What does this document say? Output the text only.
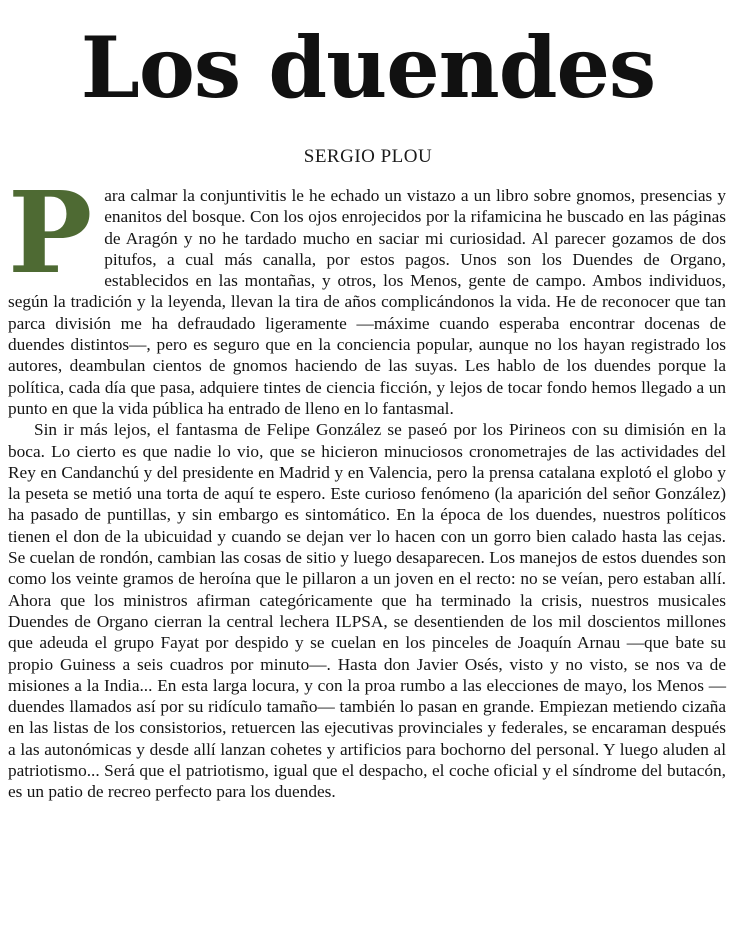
Los duendes
SERGIO PLOU

Para calmar la conjuntivitis le he echado un vistazo a un libro sobre gnomos, presencias y enanitos del bosque. Con los ojos enrojecidos por la rifamicina he buscado en las páginas de Aragón y no he tardado mucho en saciar mi curiosidad. Al parecer gozamos de dos pitufos, a cual más canalla, por estos pagos. Unos son los Duendes de Organo, establecidos en las montañas, y otros, los Menos, gente de campo. Ambos individuos, según la tradición y la leyenda, llevan la tira de años complicándonos la vida. He de reconocer que tan parca división me ha defraudado ligeramente —máxime cuando esperaba encontrar docenas de duendes distintos—, pero es seguro que en la conciencia popular, aunque no los hayan registrado los autores, deambulan cientos de gnomos haciendo de las suyas. Les hablo de los duendes porque la política, cada día que pasa, adquiere tintes de ciencia ficción, y lejos de tocar fondo hemos llegado a un punto en que la vida pública ha entrado de lleno en lo fantasmal.

Sin ir más lejos, el fantasma de Felipe González se paseó por los Pirineos con su dimisión en la boca. Lo cierto es que nadie lo vio, que se hicieron minuciosos cronometrajes de las actividades del Rey en Candanchú y del presidente en Madrid y en Valencia, pero la prensa catalana explotó el globo y la peseta se metió una torta de aquí te espero. Este curioso fenómeno (la aparición del señor González) ha pasado de puntillas, y sin embargo es sintomático. En la época de los duendes, nuestros políticos tienen el don de la ubicuidad y cuando se dejan ver lo hacen con un gorro bien calado hasta las cejas. Se cuelan de rondón, cambian las cosas de sitio y luego desaparecen. Los manejos de estos duendes son como los veinte gramos de heroína que le pillaron a un joven en el recto: no se veían, pero estaban allí. Ahora que los ministros afirman categóricamente que ha terminado la crisis, nuestros musicales Duendes de Organo cierran la central lechera ILPSA, se desentienden de los mil doscientos millones que adeuda el grupo Fayat por despido y se cuelan en los pinceles de Joaquín Arnau —que bate su propio Guiness a seis cuadros por minuto—. Hasta don Javier Osés, visto y no visto, se nos va de misiones a la India... En esta larga locura, y con la proa rumbo a las elecciones de mayo, los Menos —duendes llamados así por su ridículo tamaño— también lo pasan en grande. Empiezan metiendo cizaña en las listas de los consistorios, retuercen las ejecutivas provinciales y federales, se encaraman después a las autonómicas y desde allí lanzan cohetes y artificios para bochorno del personal. Y luego aluden al patriotismo... Será que el patriotismo, igual que el despacho, el coche oficial y el síndrome del butacón, es un patio de recreo perfecto para los duendes.
